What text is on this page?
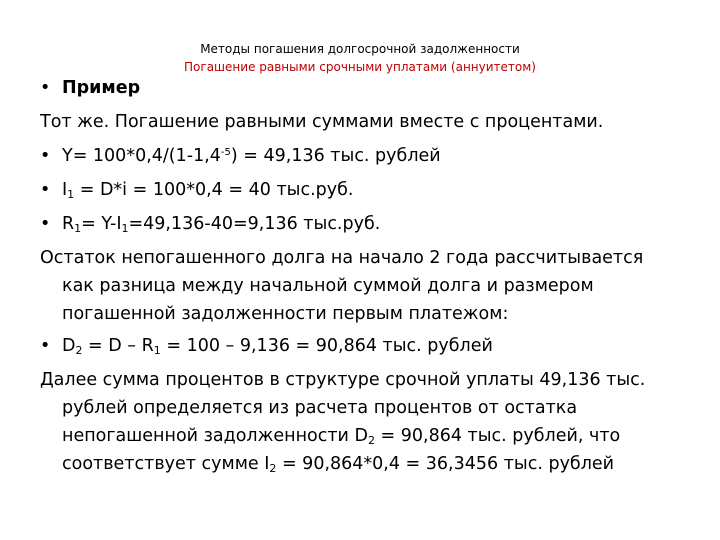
Методы погашения долгосрочной задолженности
Погашение равными срочными уплатами (аннуитетом)
• Пример
Тот же. Погашение равными суммами вместе с процентами.
• $Y= 100*0,4/(1-1,4^{-5}) = 49,136$ тыс. рублей
• $I_1 = D*i = 100*0,4 = 40$ тыс.руб.
• $R_1= Y-I_1=49,136-40=9,136$ тыс.руб.
Остаток непогашенного долга на начало 2 года рассчитывается
как разница между начальной суммой долга и размером
погашенной задолженности первым платежом:
• $D_2 = D - R_1 = 100 - 9,136 = 90,864$ тыс. рублей
Далее сумма процентов в структуре срочной уплаты 49,136 тыс.
рублей определяется из расчета процентов от остатка
непогашенной задолженности $D_2 = 90,864$ тыс. рублей, что
соответствует сумме $I_2 = 90,864*0,4 = 36,3456$ тыс. рублей
